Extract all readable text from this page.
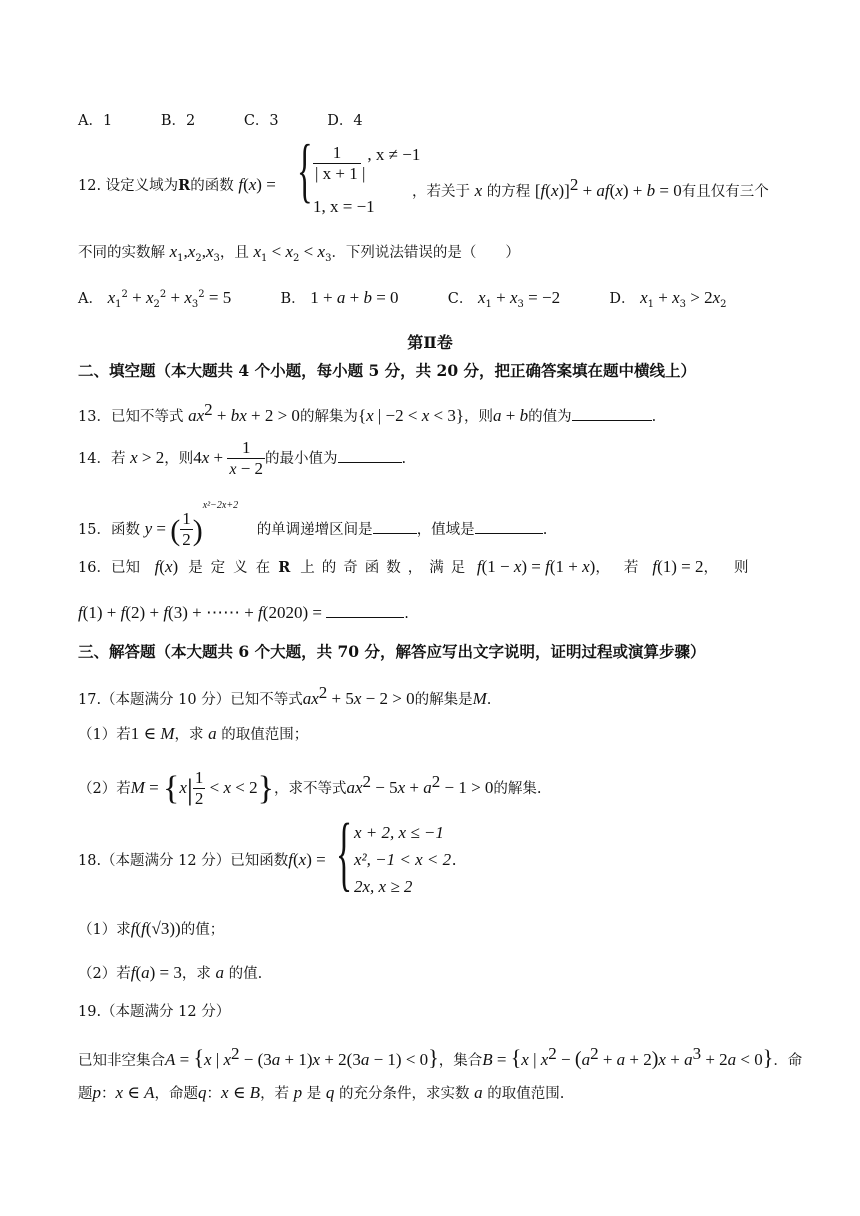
A．1	B．2	C．3	D．4
12. 设定义域为R的函数 f(x) = { $\frac{1}{| x + 1 |}$ , x ≠ −1
1, x = −1
，若关于 x 的方程 $[f(x)]^2 + af(x) + b = 0$有且仅有三个
不同的实数解 $x_1,x_2,x_3$，且 $x_1 < x_2 < x_3$．下列说法错误的是（　　）
A． $x_1^2 + x_2^2 + x_3^2 = 5$	B． 1 + a + b = 0	C． $x_1 + x_3 = -2$	D． $x_1 + x_3 > 2x_2$
第Ⅱ卷
二、填空题（本大题共 4 个小题，每小题 5 分，共 20 分，把正确答案填在题中横线上）
13．已知不等式 $ax^2$ + bx + 2 > 0的解集为{x | −2 < x < 3}，则a + b的值为	.
14．若 x > 2，则$4x + \frac{1}{x - 2}$ 的最小值为	.
15．函数 y = ( $\frac{1}{2} )^{x^2-2x+2}$ 的单调递增区间是	，值域是	.
16．已知 f(x) 是定义在R 上的奇函数，满足 f(1 − x) = f(1 + x)，若f(1) = 2，则
f(1) + f(2) + f(3) + ⋯⋯ + f(2020) =	.
三、解答题（本大题共 6 个大题，共 70 分，解答应写出文字说明，证明过程或演算步骤）
17.（本题满分 10 分）已知不等式$ax^2 + 5x - 2 > 0$的解集是M.
（1）若1 ∈ M，求 a 的取值范围；
（2）若$M = \{x| \frac{1}{2} < x < 2\}$，求不等式$ax^2 - 5x + a^2 - 1 > 0$的解集.
18.（本题满分 12 分）已知函数f(x) = { x + 2, x ≤ −1
x², −1 < x < 2
2x, x ≥ 2
.
（1）求f(f(√3))的值；
（2）若f(a) = 3，求 a 的值.
19.（本题满分 12 分）
已知非空集合A = {x | $x^2 - (3a + 1)x + 2(3a - 1) < 0$}，集合B = {x | $x^2 - (a^2 + a + 2)x + a^3 + 2a < 0$}．命
题p：x ∈ A，命题q：x ∈ B，若 p 是 q 的充分条件，求实数 a 的取值范围.
